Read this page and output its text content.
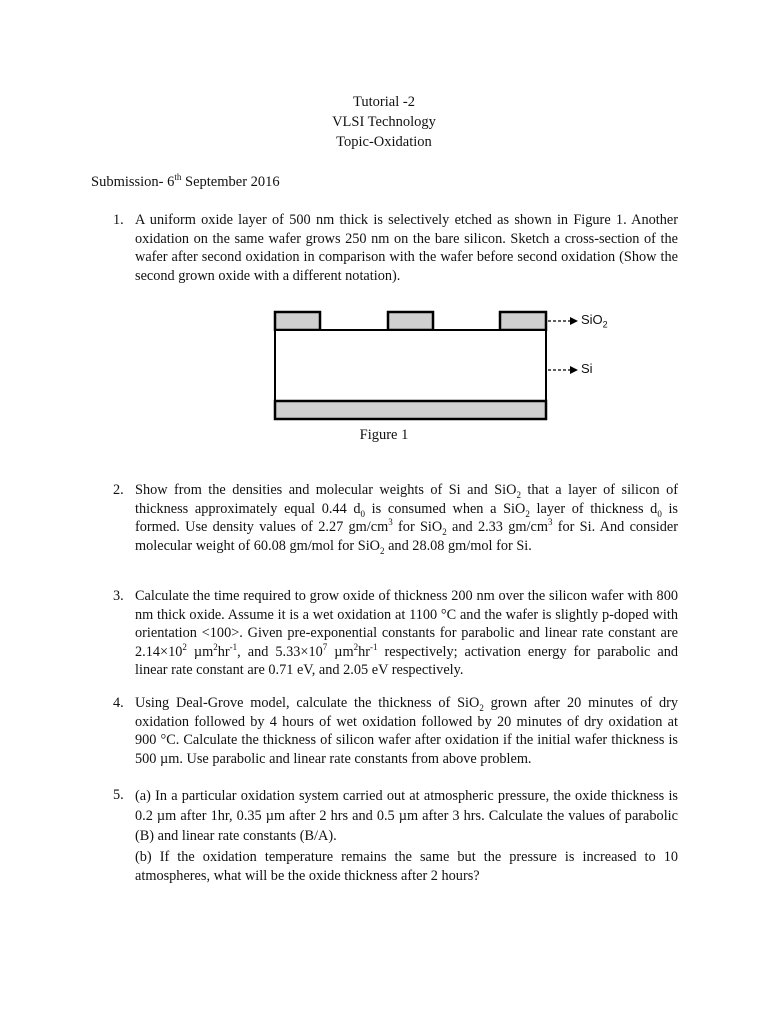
Tutorial -2
VLSI Technology
Topic-Oxidation
Submission- 6th September 2016
1. A uniform oxide layer of 500 nm thick is selectively etched as shown in Figure 1. Another oxidation on the same wafer grows 250 nm on the bare silicon. Sketch a cross-section of the wafer after second oxidation in comparison with the wafer before second oxidation (Show the second grown oxide with a different notation).

SiO$_2$
Si
Figure 1
2. Show from the densities and molecular weights of Si and SiO$_2$ that a layer of silicon of thickness approximately equal 0.44 $d_0$ is consumed when a SiO$_2$ layer of thickness $d_0$ is formed. Use density values of 2.27 $gm/cm^3$ for SiO$_2$ and 2.33 $gm/cm^3$ for Si. And consider molecular weight of 60.08 gm/mol for SiO$_2$ and 28.08 gm/mol for Si.

3. Calculate the time required to grow oxide of thickness 200 nm over the silicon wafer with 800 nm thick oxide. Assume it is a wet oxidation at 1100 °C and the wafer is slightly p-doped with orientation <100>. Given pre-exponential constants for parabolic and linear rate constant are $2.14\times 10^2$ $\mu m^2hr^{-1}$, and $5.33\times 10^7$ $\mu m^2hr^{-1}$ respectively; activation energy for parabolic and linear rate constant are 0.71 eV, and 2.05 eV respectively.

4. Using Deal-Grove model, calculate the thickness of SiO$_2$ grown after 20 minutes of dry oxidation followed by 4 hours of wet oxidation followed by 20 minutes of dry oxidation at 900 °C. Calculate the thickness of silicon wafer after oxidation if the initial wafer thickness is 500 µm. Use parabolic and linear rate constants from above problem.

5. (a) In a particular oxidation system carried out at atmospheric pressure, the oxide thickness is 0.2 µm after 1hr, 0.35 µm after 2 hrs and 0.5 µm after 3 hrs. Calculate the values of parabolic (B) and linear rate constants (B/A).

(b) If the oxidation temperature remains the same but the pressure is increased to 10 atmospheres, what will be the oxide thickness after 2 hours?
